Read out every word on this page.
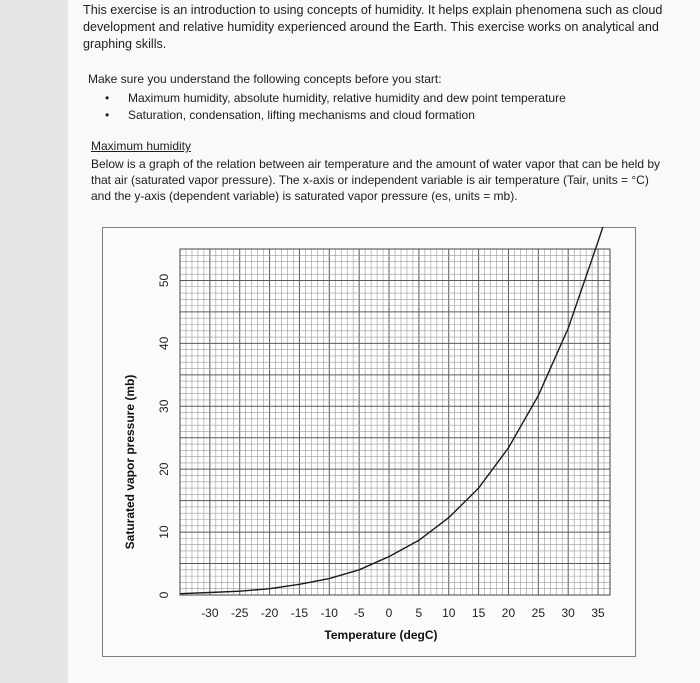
This exercise is an introduction to using concepts of humidity. It helps explain phenomena such as cloud development and relative humidity experienced around the Earth. This exercise works on analytical and graphing skills.

Make sure you understand the following concepts before you start:

• Maximum humidity, absolute humidity, relative humidity and dew point temperature
• Saturation, condensation, lifting mechanisms and cloud formation

Maximum humidity

Below is a graph of the relation between air temperature and the amount of water vapor that can be held by that air (saturated vapor pressure). The x-axis or independent variable is air temperature (Tair, units = °C) and the y-axis (dependent variable) is saturated vapor pressure (es, units = mb).

-30 -25 -20 -15 -10 -5 0 5 10 15 20 25 30 35
0
10
20
30
40
50
Temperature (degC)
Saturated vapor pressure (mb)
